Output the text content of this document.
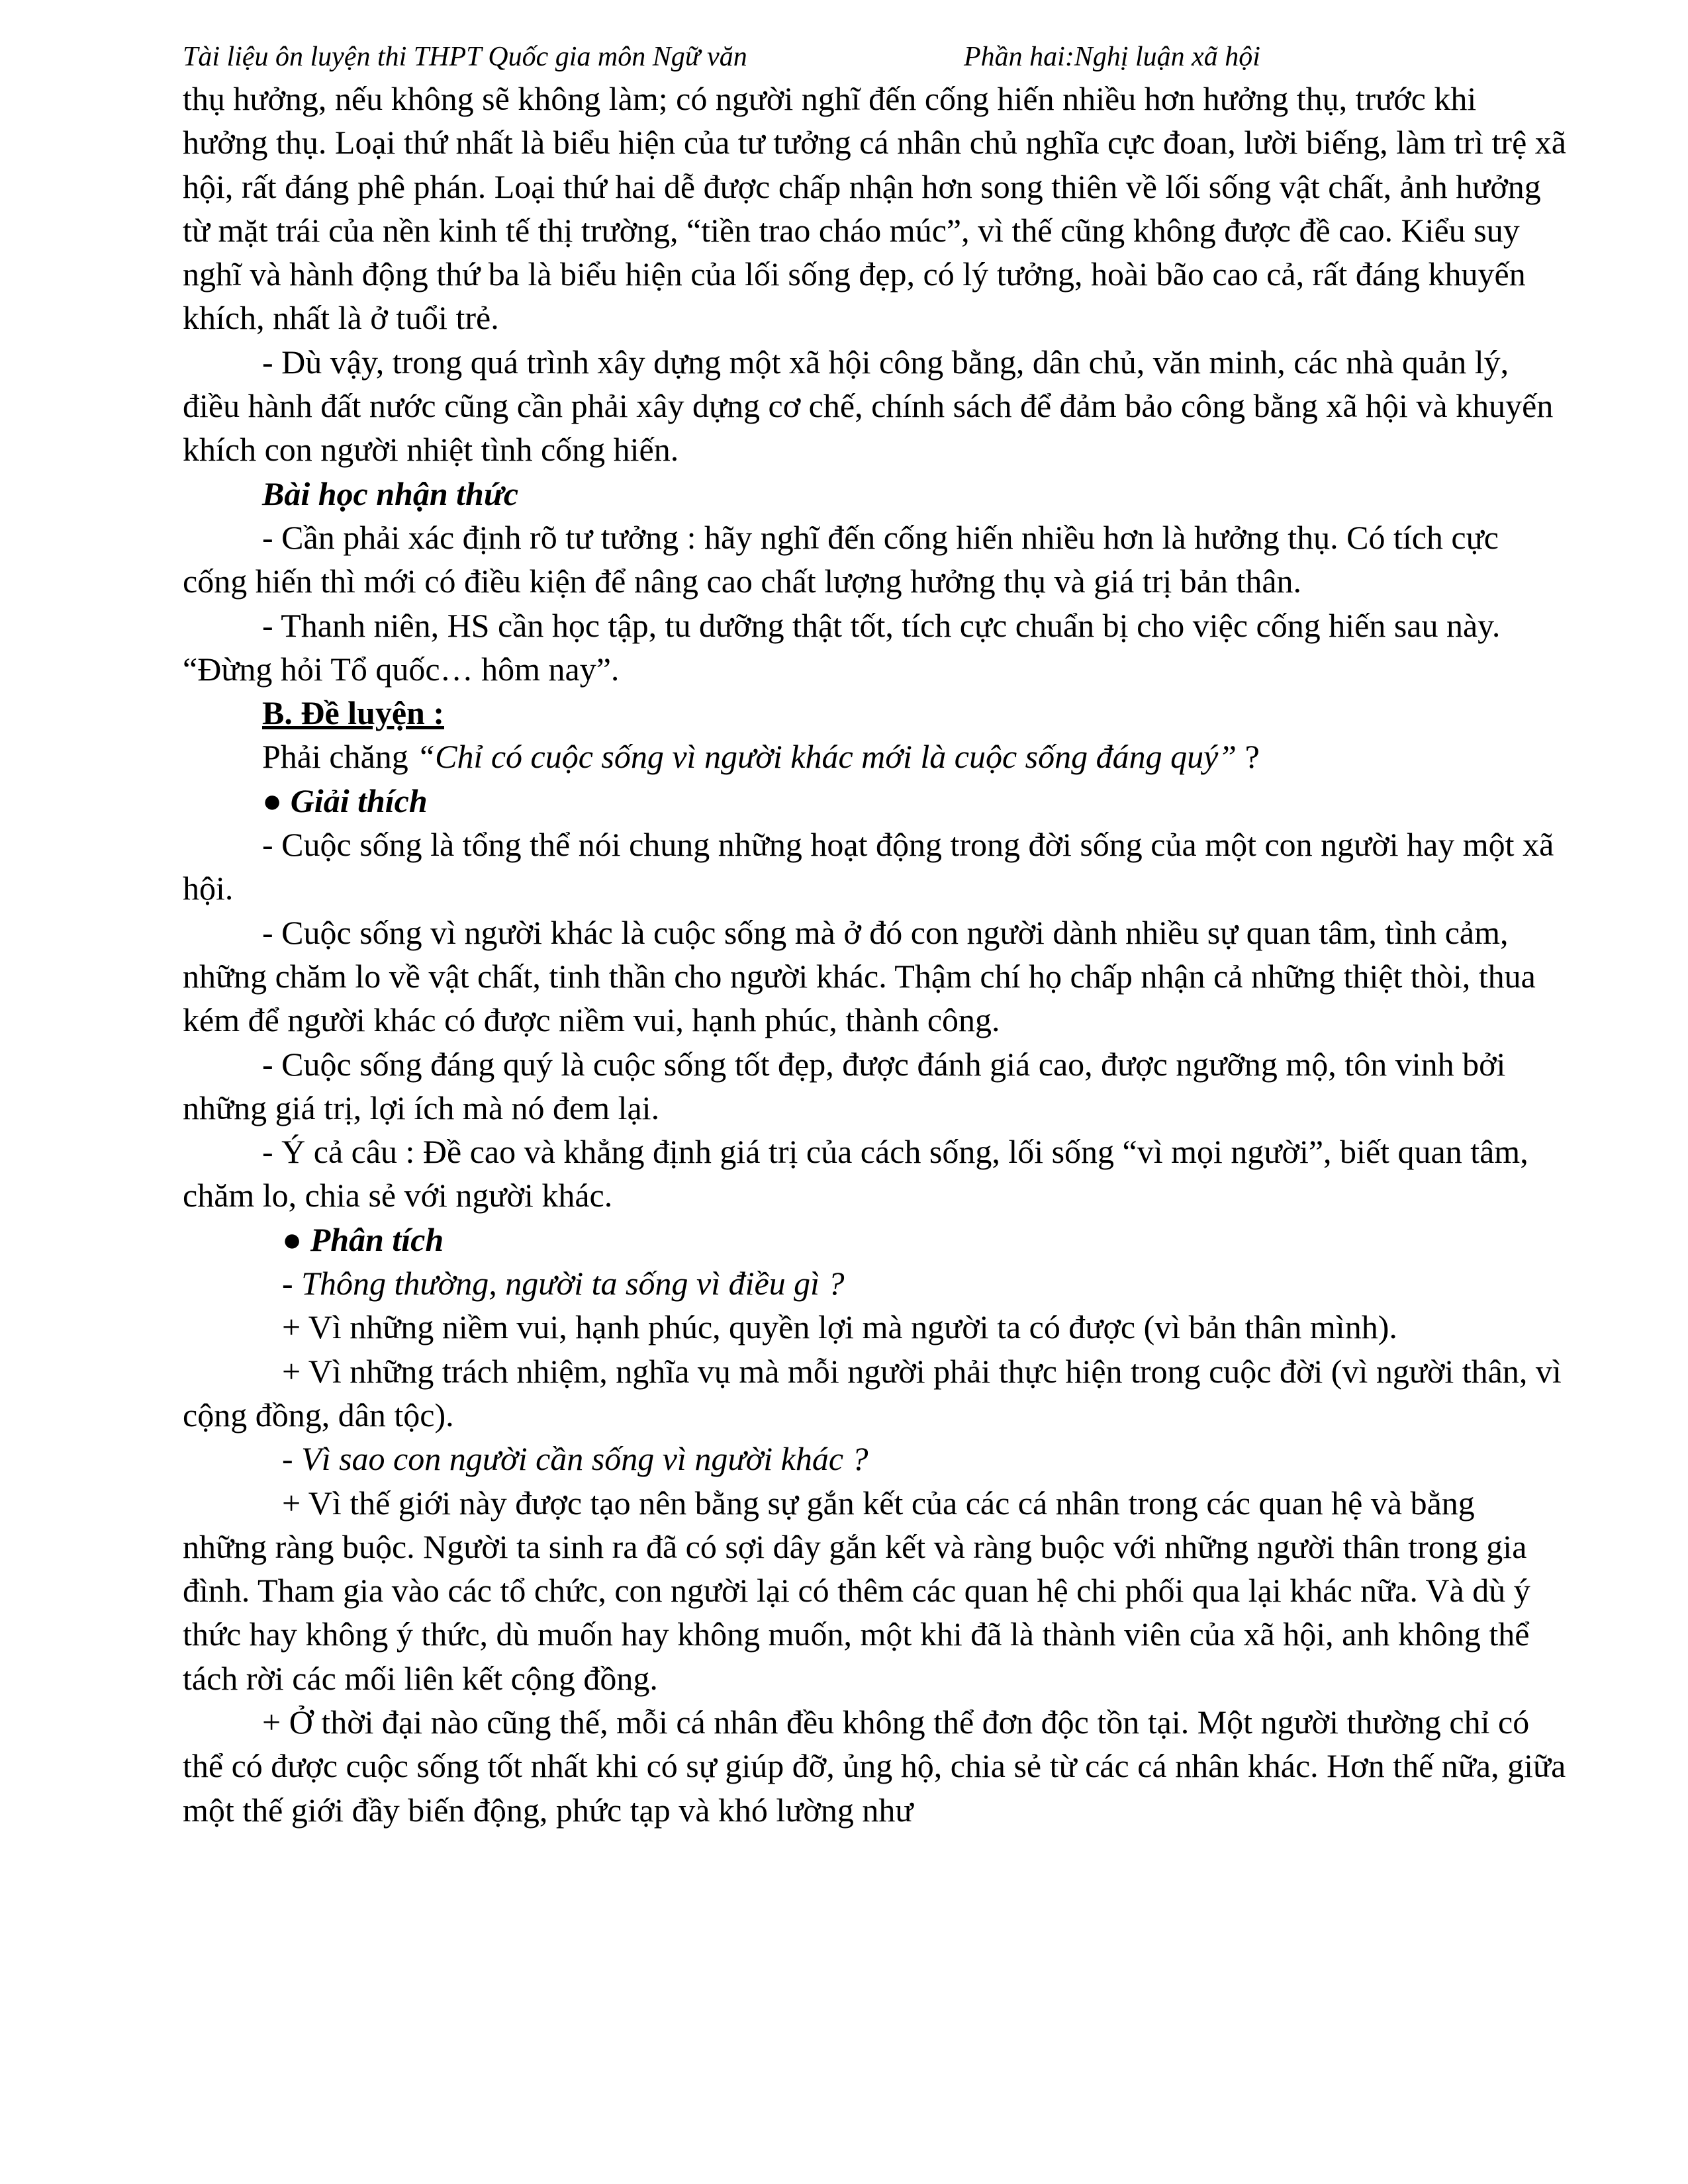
Tài liệu ôn luyện thi THPT Quốc gia môn Ngữ văn	Phần hai:Nghị luận xã hội

thụ hưởng, nếu không sẽ không làm; có người nghĩ đến cống hiến nhiều hơn hưởng thụ, trước khi hưởng thụ. Loại thứ nhất là biểu hiện của tư tưởng cá nhân chủ nghĩa cực đoan, lười biếng, làm trì trệ xã hội, rất đáng phê phán. Loại thứ hai dễ được chấp nhận hơn song thiên về lối sống vật chất, ảnh hưởng từ mặt trái của nền kinh tế thị trường, “tiền trao cháo múc”, vì thế cũng không được đề cao. Kiểu suy nghĩ và hành động thứ ba là biểu hiện của lối sống đẹp, có lý tưởng, hoài bão cao cả, rất đáng khuyến khích, nhất là ở tuổi trẻ.

- Dù vậy, trong quá trình xây dựng một xã hội công bằng, dân chủ, văn minh, các nhà quản lý, điều hành đất nước cũng cần phải xây dựng cơ chế, chính sách để đảm bảo công bằng xã hội và khuyến khích con người nhiệt tình cống hiến.

Bài học nhận thức

- Cần phải xác định rõ tư tưởng : hãy nghĩ đến cống hiến nhiều hơn là hưởng thụ. Có tích cực cống hiến thì mới có điều kiện để nâng cao chất lượng hưởng thụ và giá trị bản thân.

- Thanh niên, HS cần học tập, tu dưỡng thật tốt, tích cực chuẩn bị cho việc cống hiến sau này. “Đừng hỏi Tổ quốc… hôm nay”.

B. Đề luyện :

Phải chăng “Chỉ có cuộc sống vì người khác mới là cuộc sống đáng quý” ?

● Giải thích

- Cuộc sống là tổng thể nói chung những hoạt động trong đời sống của một con người hay một xã hội.

- Cuộc sống vì người khác là cuộc sống mà ở đó con người dành nhiều sự quan tâm, tình cảm, những chăm lo về vật chất, tinh thần cho người khác. Thậm chí họ chấp nhận cả những thiệt thòi, thua kém để người khác có được niềm vui, hạnh phúc, thành công.

- Cuộc sống đáng quý là cuộc sống tốt đẹp, được đánh giá cao, được ngưỡng mộ, tôn vinh bởi những giá trị, lợi ích mà nó đem lại.

- Ý cả câu : Đề cao và khẳng định giá trị của cách sống, lối sống “vì mọi người”, biết quan tâm, chăm lo, chia sẻ với người khác.

● Phân tích

- Thông thường, người ta sống vì điều gì ?

+ Vì những niềm vui, hạnh phúc, quyền lợi mà người ta có được (vì bản thân mình).

+ Vì những trách nhiệm, nghĩa vụ mà mỗi người phải thực hiện trong cuộc đời (vì người thân, vì cộng đồng, dân tộc).

- Vì sao con người cần sống vì người khác ?

+ Vì thế giới này được tạo nên bằng sự gắn kết của các cá nhân trong các quan hệ và bằng những ràng buộc. Người ta sinh ra đã có sợi dây gắn kết và ràng buộc với những người thân trong gia đình. Tham gia vào các tổ chức, con người lại có thêm các quan hệ chi phối qua lại khác nữa. Và dù ý thức hay không ý thức, dù muốn hay không muốn, một khi đã là thành viên của xã hội, anh không thể tách rời các mối liên kết cộng đồng.

+ Ở thời đại nào cũng thế, mỗi cá nhân đều không thể đơn độc tồn tại. Một người thường chỉ có thể có được cuộc sống tốt nhất khi có sự giúp đỡ, ủng hộ, chia sẻ từ các cá nhân khác. Hơn thế nữa, giữa một thế giới đầy biến động, phức tạp và khó lường như
